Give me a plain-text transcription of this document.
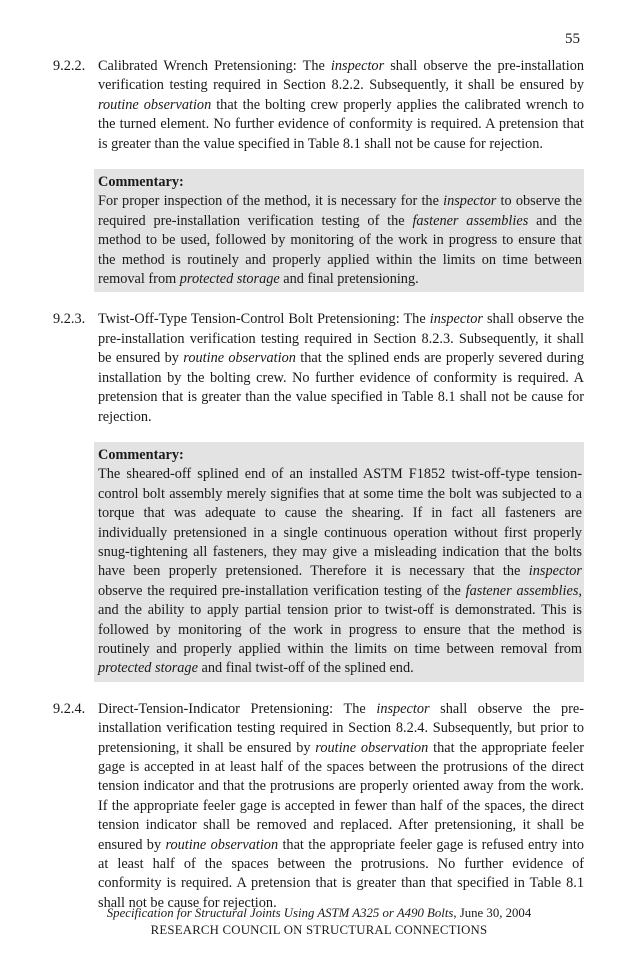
55
9.2.2. Calibrated Wrench Pretensioning: The inspector shall observe the pre-installation verification testing required in Section 8.2.2. Subsequently, it shall be ensured by routine observation that the bolting crew properly applies the calibrated wrench to the turned element. No further evidence of conformity is required. A pretension that is greater than the value specified in Table 8.1 shall not be cause for rejection.
Commentary:
For proper inspection of the method, it is necessary for the inspector to observe the required pre-installation verification testing of the fastener assemblies and the method to be used, followed by monitoring of the work in progress to ensure that the method is routinely and properly applied within the limits on time between removal from protected storage and final pretensioning.
9.2.3. Twist-Off-Type Tension-Control Bolt Pretensioning: The inspector shall observe the pre-installation verification testing required in Section 8.2.3. Subsequently, it shall be ensured by routine observation that the splined ends are properly severed during installation by the bolting crew. No further evidence of conformity is required. A pretension that is greater than the value specified in Table 8.1 shall not be cause for rejection.
Commentary:
The sheared-off splined end of an installed ASTM F1852 twist-off-type tension-control bolt assembly merely signifies that at some time the bolt was subjected to a torque that was adequate to cause the shearing. If in fact all fasteners are individually pretensioned in a single continuous operation without first properly snug-tightening all fasteners, they may give a misleading indication that the bolts have been properly pretensioned. Therefore it is necessary that the inspector observe the required pre-installation verification testing of the fastener assemblies, and the ability to apply partial tension prior to twist-off is demonstrated. This is followed by monitoring of the work in progress to ensure that the method is routinely and properly applied within the limits on time between removal from protected storage and final twist-off of the splined end.
9.2.4. Direct-Tension-Indicator Pretensioning: The inspector shall observe the pre-installation verification testing required in Section 8.2.4. Subsequently, but prior to pretensioning, it shall be ensured by routine observation that the appropriate feeler gage is accepted in at least half of the spaces between the protrusions of the direct tension indicator and that the protrusions are properly oriented away from the work. If the appropriate feeler gage is accepted in fewer than half of the spaces, the direct tension indicator shall be removed and replaced. After pretensioning, it shall be ensured by routine observation that the appropriate feeler gage is refused entry into at least half of the spaces between the protrusions. No further evidence of conformity is required. A pretension that is greater than that specified in Table 8.1 shall not be cause for rejection.
Specification for Structural Joints Using ASTM A325 or A490 Bolts, June 30, 2004
RESEARCH COUNCIL ON STRUCTURAL CONNECTIONS
